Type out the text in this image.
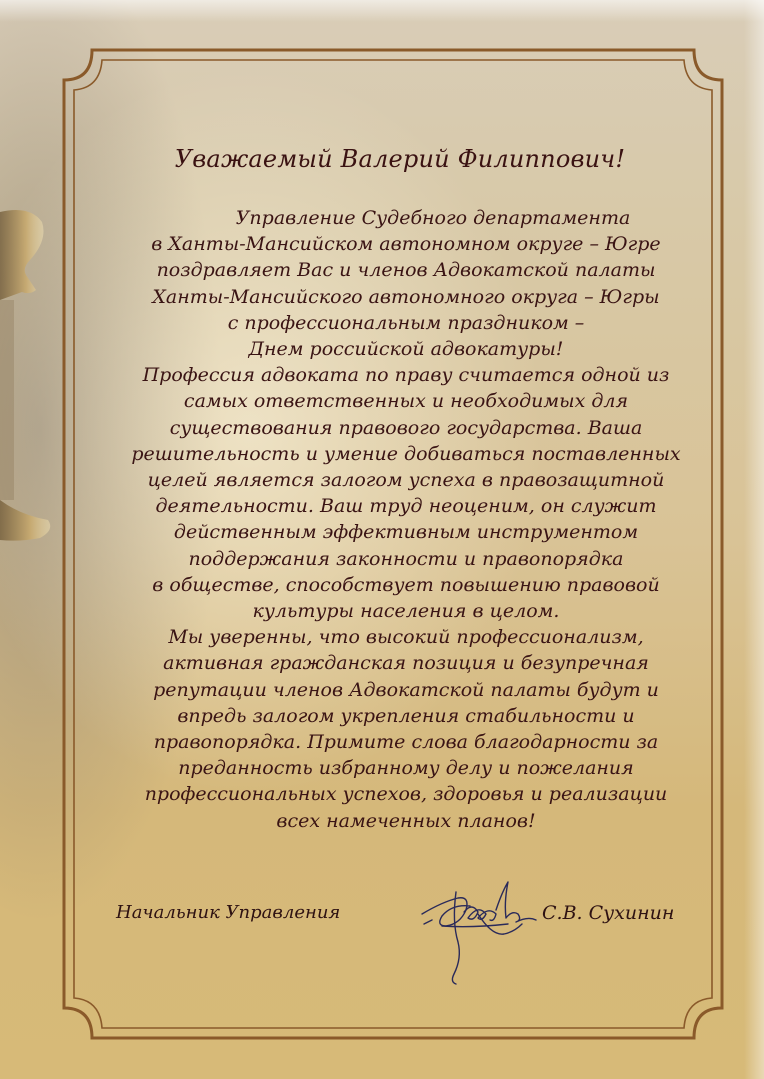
Уважаемый Валерий Филиппович!
Управление Судебного департамента
в Ханты-Мансийском автономном округе – Югре
поздравляет Вас и членов Адвокатской палаты
Ханты-Мансийского автономного округа – Югры
с профессиональным праздником –
Днем российской адвокатуры!
Профессия адвоката по праву считается одной из
самых ответственных и необходимых для
существования правового государства. Ваша
решительность и умение добиваться поставленных
целей является залогом успеха в правозащитной
деятельности. Ваш труд неоценим, он служит
действенным эффективным инструментом
поддержания законности и правопорядка
в обществе, способствует повышению правовой
культуры населения в целом.
Мы уверенны, что высокий профессионализм,
активная гражданская позиция и безупречная
репутации членов Адвокатской палаты будут и
впредь залогом укрепления стабильности и
правопорядка. Примите слова благодарности за
преданность избранному делу и пожелания
профессиональных успехов, здоровья и реализации
всех намеченных планов!
Начальник Управления	С.В. Сухинин
